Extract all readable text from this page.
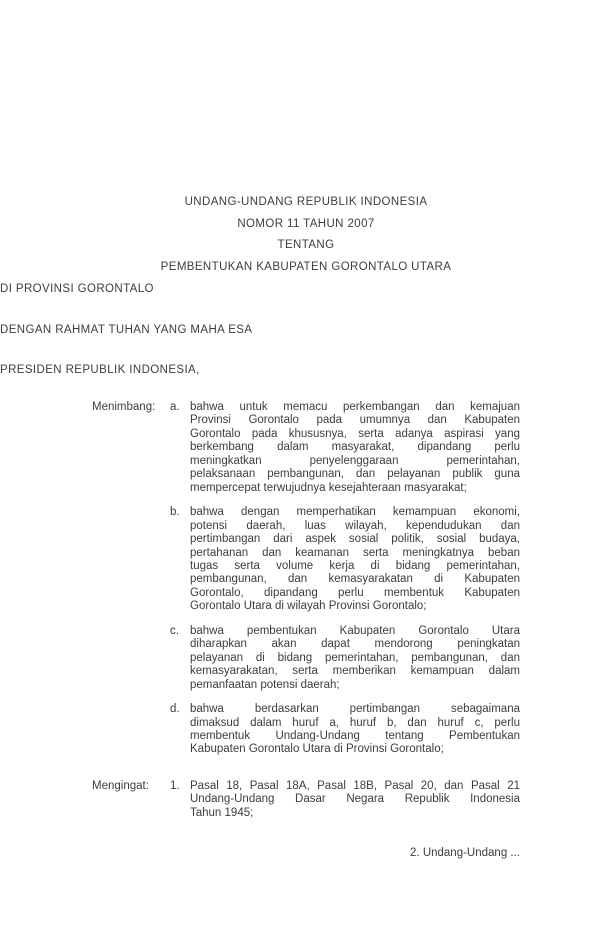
UNDANG-UNDANG REPUBLIK INDONESIA
NOMOR 11 TAHUN 2007
TENTANG
PEMBENTUKAN KABUPATEN GORONTALO UTARA
DI PROVINSI GORONTALO
DENGAN RAHMAT TUHAN YANG MAHA ESA
PRESIDEN REPUBLIK INDONESIA,
Menimbang:	a. bahwa untuk memacu perkembangan dan kemajuan
Provinsi Gorontalo pada umumnya dan Kabupaten
Gorontalo pada khususnya, serta adanya aspirasi yang
berkembang dalam masyarakat, dipandang perlu
meningkatkan penyelenggaraan pemerintahan,
pelaksanaan pembangunan, dan pelayanan publik guna
mempercepat terwujudnya kesejahteraan masyarakat;
b. bahwa dengan memperhatikan kemampuan ekonomi,
potensi daerah, luas wilayah, kependudukan dan
pertimbangan dari aspek sosial politik, sosial budaya,
pertahanan dan keamanan serta meningkatnya beban
tugas serta volume kerja di bidang pemerintahan,
pembangunan, dan kemasyarakatan di Kabupaten
Gorontalo, dipandang perlu membentuk Kabupaten
Gorontalo Utara di wilayah Provinsi Gorontalo;
c. bahwa pembentukan Kabupaten Gorontalo Utara
diharapkan akan dapat mendorong peningkatan
pelayanan di bidang pemerintahan, pembangunan, dan
kemasyarakatan, serta memberikan kemampuan dalam
pemanfaatan potensi daerah;
d. bahwa berdasarkan pertimbangan sebagaimana
dimaksud dalam huruf a, huruf b, dan huruf c, perlu
membentuk Undang-Undang tentang Pembentukan
Kabupaten Gorontalo Utara di Provinsi Gorontalo;
Mengingat:	1. Pasal 18, Pasal 18A, Pasal 18B, Pasal 20, dan Pasal 21
Undang-Undang Dasar Negara Republik Indonesia
Tahun 1945;
2. Undang-Undang ...
